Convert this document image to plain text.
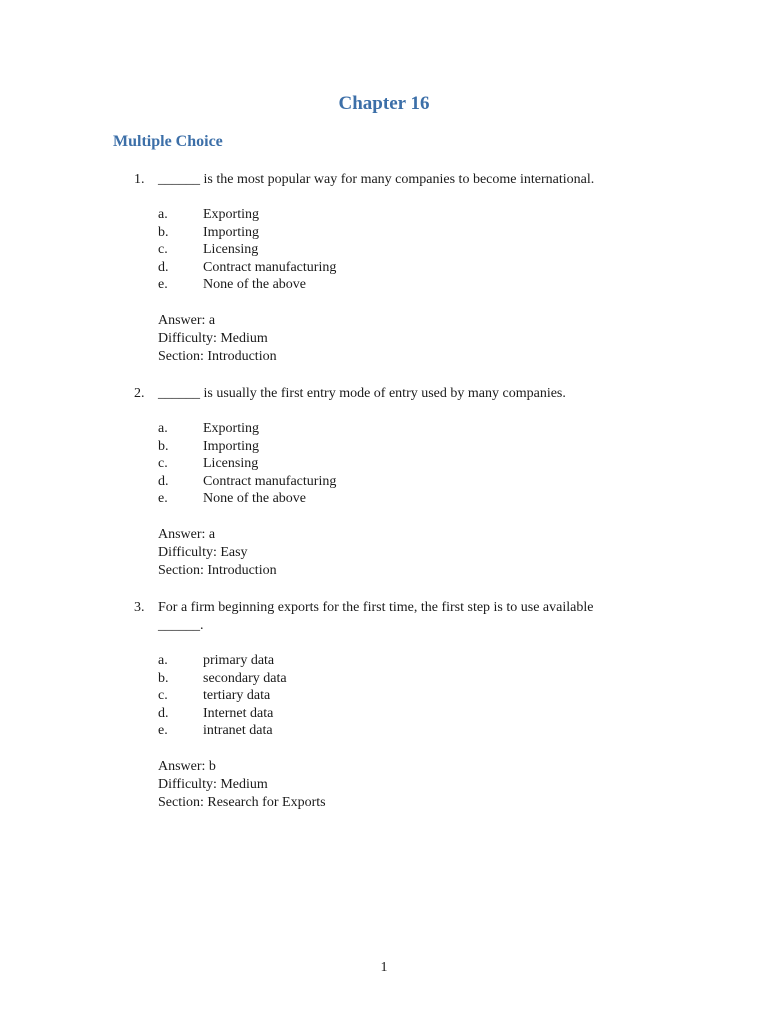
Chapter 16
Multiple Choice
1. ______ is the most popular way for many companies to become international.
a.	Exporting
b.	Importing
c.	Licensing
d.	Contract manufacturing
e.	None of the above
Answer: a
Difficulty: Medium
Section: Introduction
2. ______ is usually the first entry mode of entry used by many companies.
a.	Exporting
b.	Importing
c.	Licensing
d.	Contract manufacturing
e.	None of the above
Answer: a
Difficulty: Easy
Section: Introduction
3. For a firm beginning exports for the first time, the first step is to use available ______.
a.	primary data
b.	secondary data
c.	tertiary data
d.	Internet data
e.	intranet data
Answer: b
Difficulty: Medium
Section: Research for Exports
1
